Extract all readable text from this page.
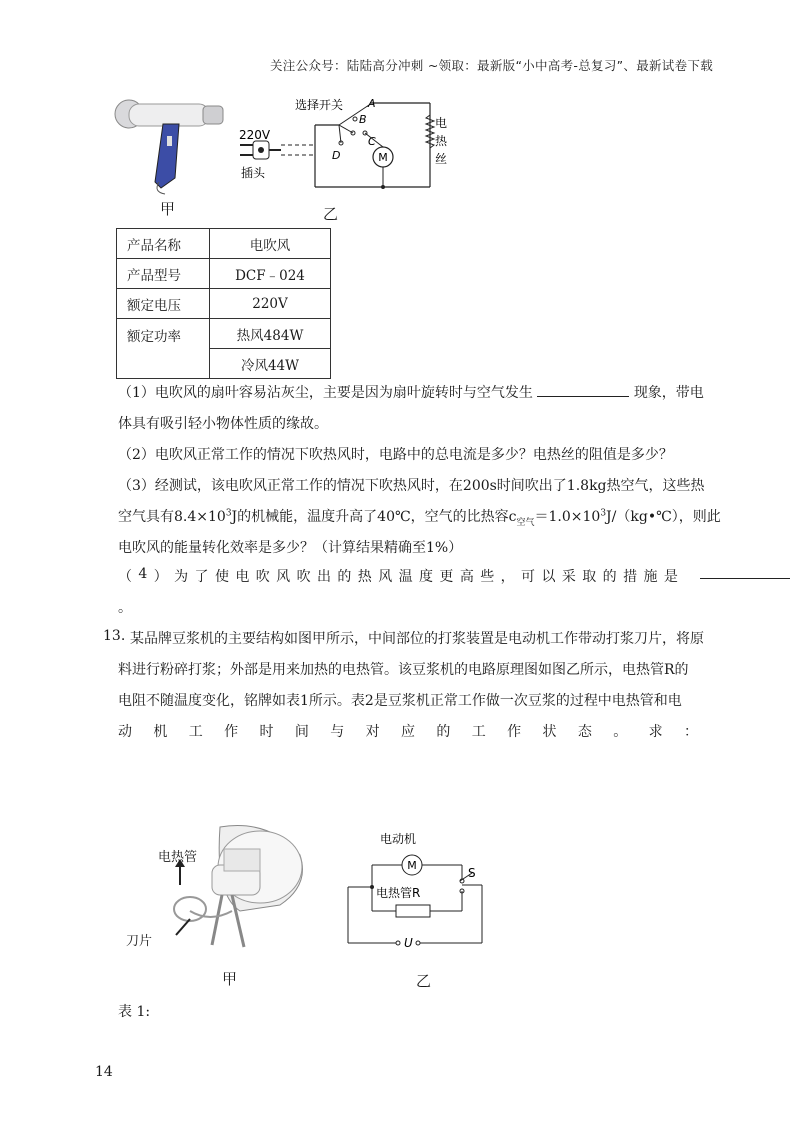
关注公众号：陆陆高分冲刺 ~领取：最新版“小中高考-总复习”、最新试卷下载
甲
M
选择开关 A
B
C
D
220V
插头
电
热
丝
乙
产品名称	电吹风
产品型号	DCF﹣024
额定电压	220V
额定功率	热风484W
	冷风44W
（1）电吹风的扇叶容易沾灰尘，主要是因为扇叶旋转时与空气发生	现象，带电
体具有吸引轻小物体性质的缘故。
（2）电吹风正常工作的情况下吹热风时，电路中的总电流是多少？电热丝的阻值是多少？
（3）经测试，该电吹风正常工作的情况下吹热风时，在200s时间吹出了1.8kg热空气，这些热
空气具有$8.4\times 10^3J$的机械能，温度升高了40℃，空气的比热容$c_{空气}=1.0\times 10^3J/(kg•℃)$，则此
电吹风的能量转化效率是多少？（计算结果精确至1%）
（ 4 ） 为 了 使 电 吹 风 吹 出 的 热 风 温 度 更 高 些 ， 可 以 采 取 的 措 施 是
。
13. 某品牌豆浆机的主要结构如图甲所示，中间部位的打浆装置是电动机工作带动打浆刀片，将原
料进行粉碎打浆；外部是用来加热的电热管。该豆浆机的电路原理图如图乙所示，电热管R的
电阻不随温度变化，铭牌如表1所示。表2是豆浆机正常工作做一次豆浆的过程中电热管和电
动 机 工 作 时 间 与 对 应 的 工 作 状 态 。 求 ：
电热管
刀片
甲
电动机
M
S
电热管R
U
乙
表 1:
14
